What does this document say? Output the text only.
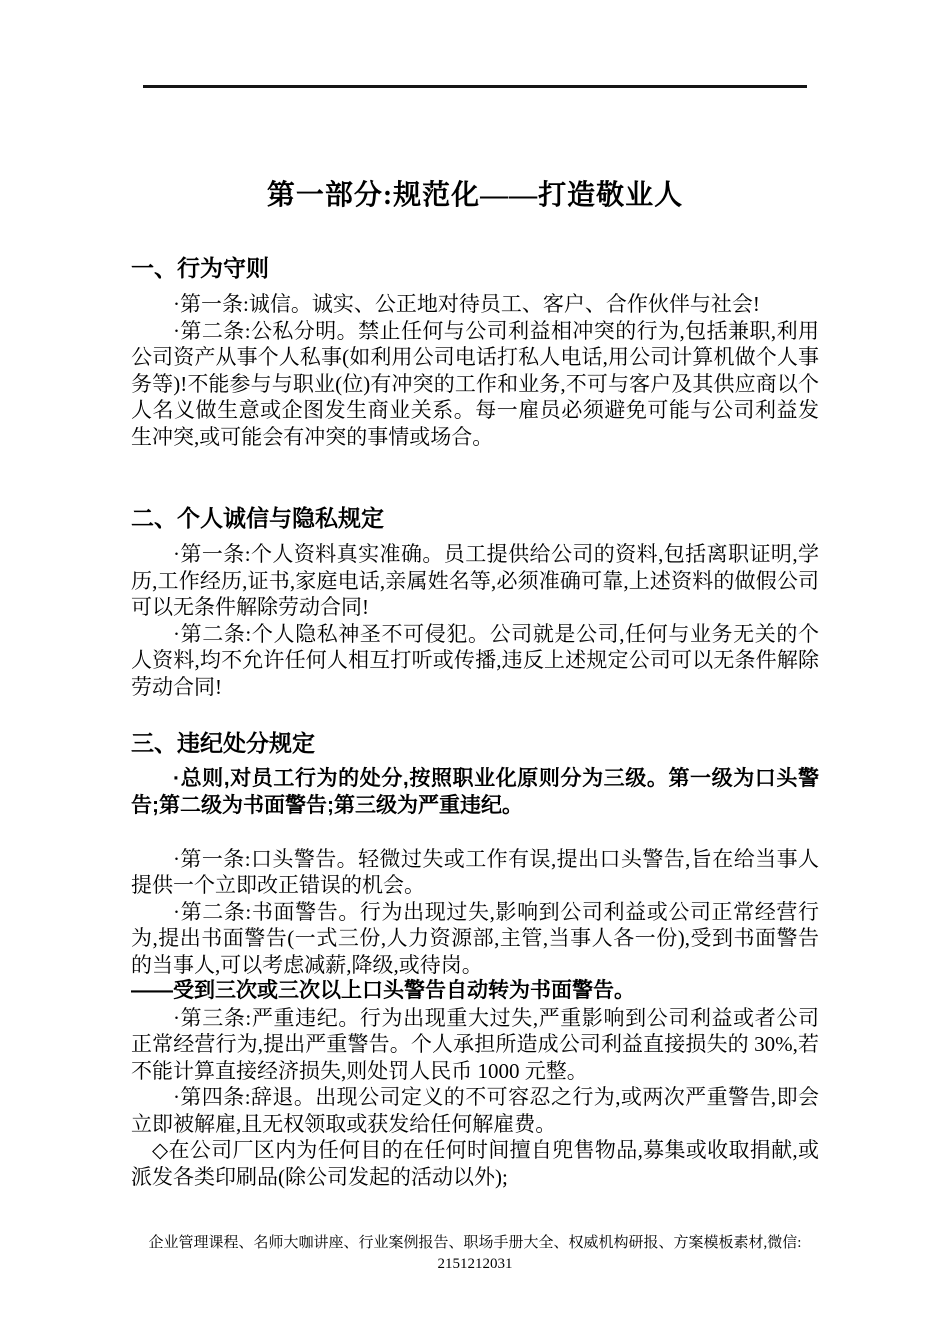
第一部分:规范化——打造敬业人
一、行为守则

·第一条:诚信。诚实、公正地对待员工、客户、合作伙伴与社会!

·第二条:公私分明。禁止任何与公司利益相冲突的行为,包括兼职,利用公司资产从事个人私事(如利用公司电话打私人电话,用公司计算机做个人事务等)!不能参与与职业(位)有冲突的工作和业务,不可与客户及其供应商以个人名义做生意或企图发生商业关系。每一雇员必须避免可能与公司利益发生冲突,或可能会有冲突的事情或场合。

二、个人诚信与隐私规定

·第一条:个人资料真实准确。员工提供给公司的资料,包括离职证明,学历,工作经历,证书,家庭电话,亲属姓名等,必须准确可靠,上述资料的做假公司可以无条件解除劳动合同!

·第二条:个人隐私神圣不可侵犯。公司就是公司,任何与业务无关的个人资料,均不允许任何人相互打听或传播,违反上述规定公司可以无条件解除劳动合同!

三、违纪处分规定

·总则,对员工行为的处分,按照职业化原则分为三级。第一级为口头警告;第二级为书面警告;第三级为严重违纪。

·第一条:口头警告。轻微过失或工作有误,提出口头警告,旨在给当事人提供一个立即改正错误的机会。

·第二条:书面警告。行为出现过失,影响到公司利益或公司正常经营行为,提出书面警告(一式三份,人力资源部,主管,当事人各一份),受到书面警告的当事人,可以考虑减薪,降级,或待岗。

——受到三次或三次以上口头警告自动转为书面警告。

·第三条:严重违纪。行为出现重大过失,严重影响到公司利益或者公司正常经营行为,提出严重警告。个人承担所造成公司利益直接损失的 30%,若不能计算直接经济损失,则处罚人民币 1000 元整。

·第四条:辞退。出现公司定义的不可容忍之行为,或两次严重警告,即会立即被解雇,且无权领取或获发给任何解雇费。

◇在公司厂区内为任何目的在任何时间擅自兜售物品,募集或收取捐献,或派发各类印刷品(除公司发起的活动以外);

企业管理课程、名师大咖讲座、行业案例报告、职场手册大全、权威机构研报、方案模板素材,微信:
2151212031
